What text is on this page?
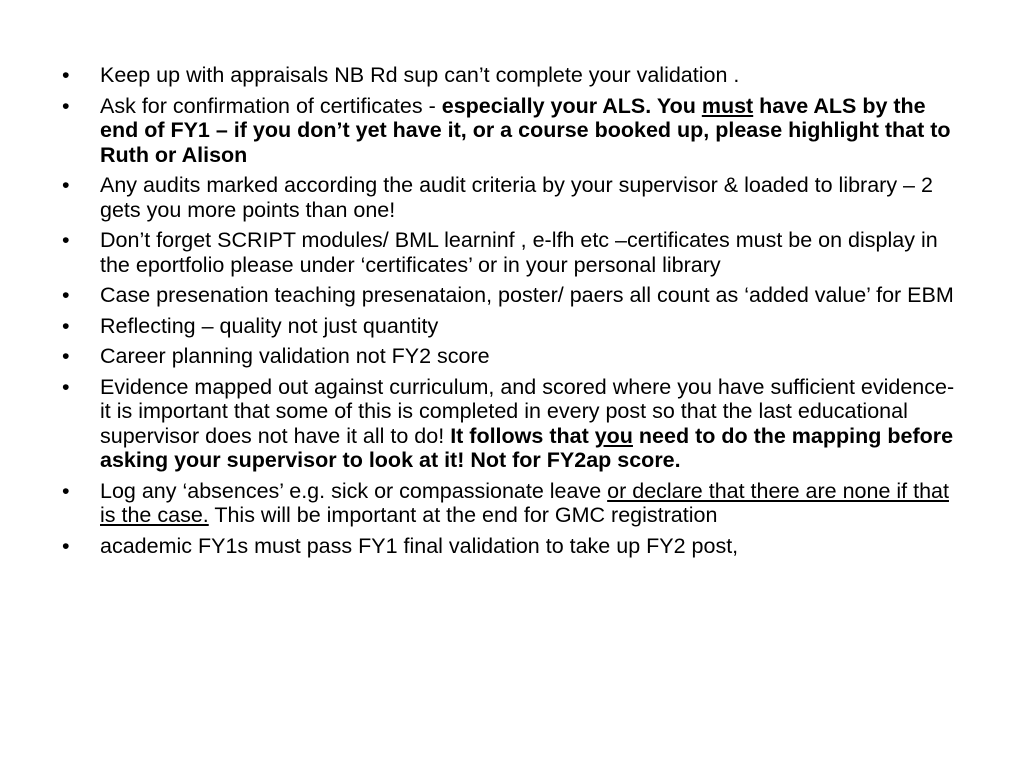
•	Keep up with appraisals NB Rd sup can’t complete your validation .
•	Ask for confirmation of certificates - especially your ALS. You must have ALS by the end of FY1 – if you don’t yet have it, or a course booked up, please highlight that to Ruth or Alison
•	Any audits marked according the audit criteria by your supervisor & loaded to library – 2 gets you more points than one!
•	Don’t forget SCRIPT modules/ BML learninf , e-lfh etc –certificates must be on display in the eportfolio please under ‘certificates’ or in your personal library
•	Case presenation teaching presenataion, poster/ paers all count as ‘added value’ for EBM
•	Reflecting – quality not just quantity
•	Career planning validation not FY2 score
•	Evidence mapped out against curriculum, and scored where you have sufficient evidence- it is important that some of this is completed in every post so that the last educational supervisor does not have it all to do! It follows that you need to do the mapping before asking your supervisor to look at it! Not for FY2ap score.
•	Log any ‘absences’ e.g. sick or compassionate leave or declare that there are none if that is the case. This will be important at the end for GMC registration
•	academic FY1s must pass FY1 final validation to take up FY2 post,
